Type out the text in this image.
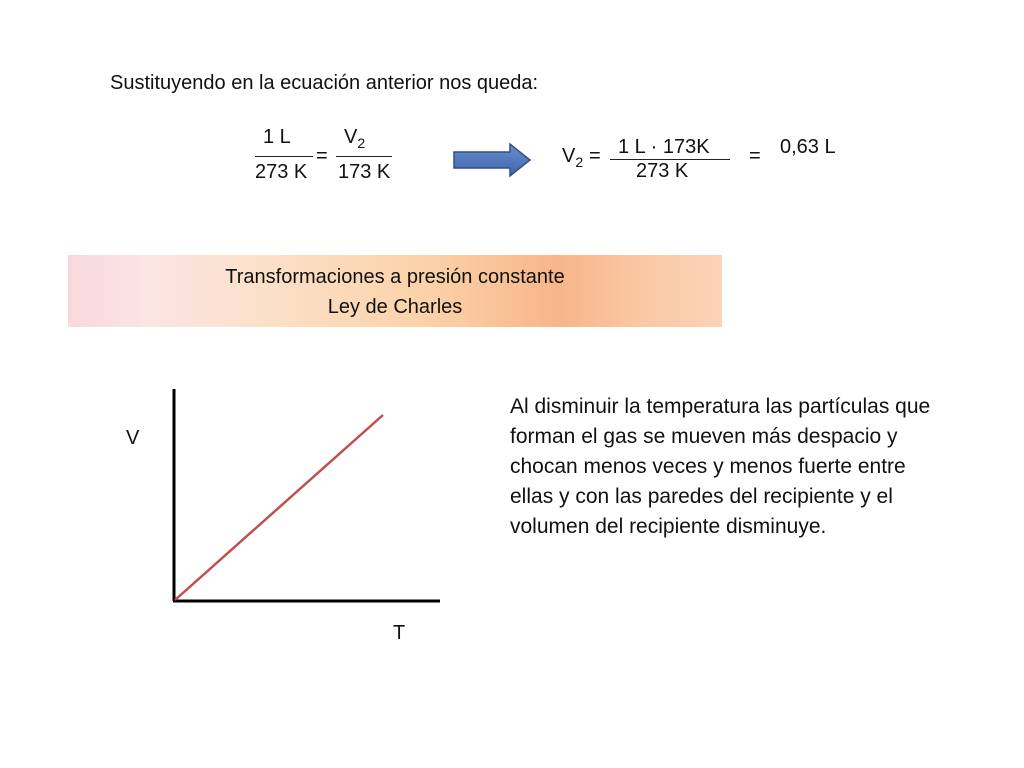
Sustituyendo en la ecuación anterior nos queda:
1 L
273 K
=
$V_2$
173 K
$V_2 = 1$ L · 173K
273 K
= 0,63 L
Transformaciones a presión constante
Ley de Charles
V
T
Al disminuir la temperatura las partículas que forman el gas se mueven más despacio y chocan menos veces y menos fuerte entre ellas y con las paredes del recipiente y el volumen del recipiente disminuye.
